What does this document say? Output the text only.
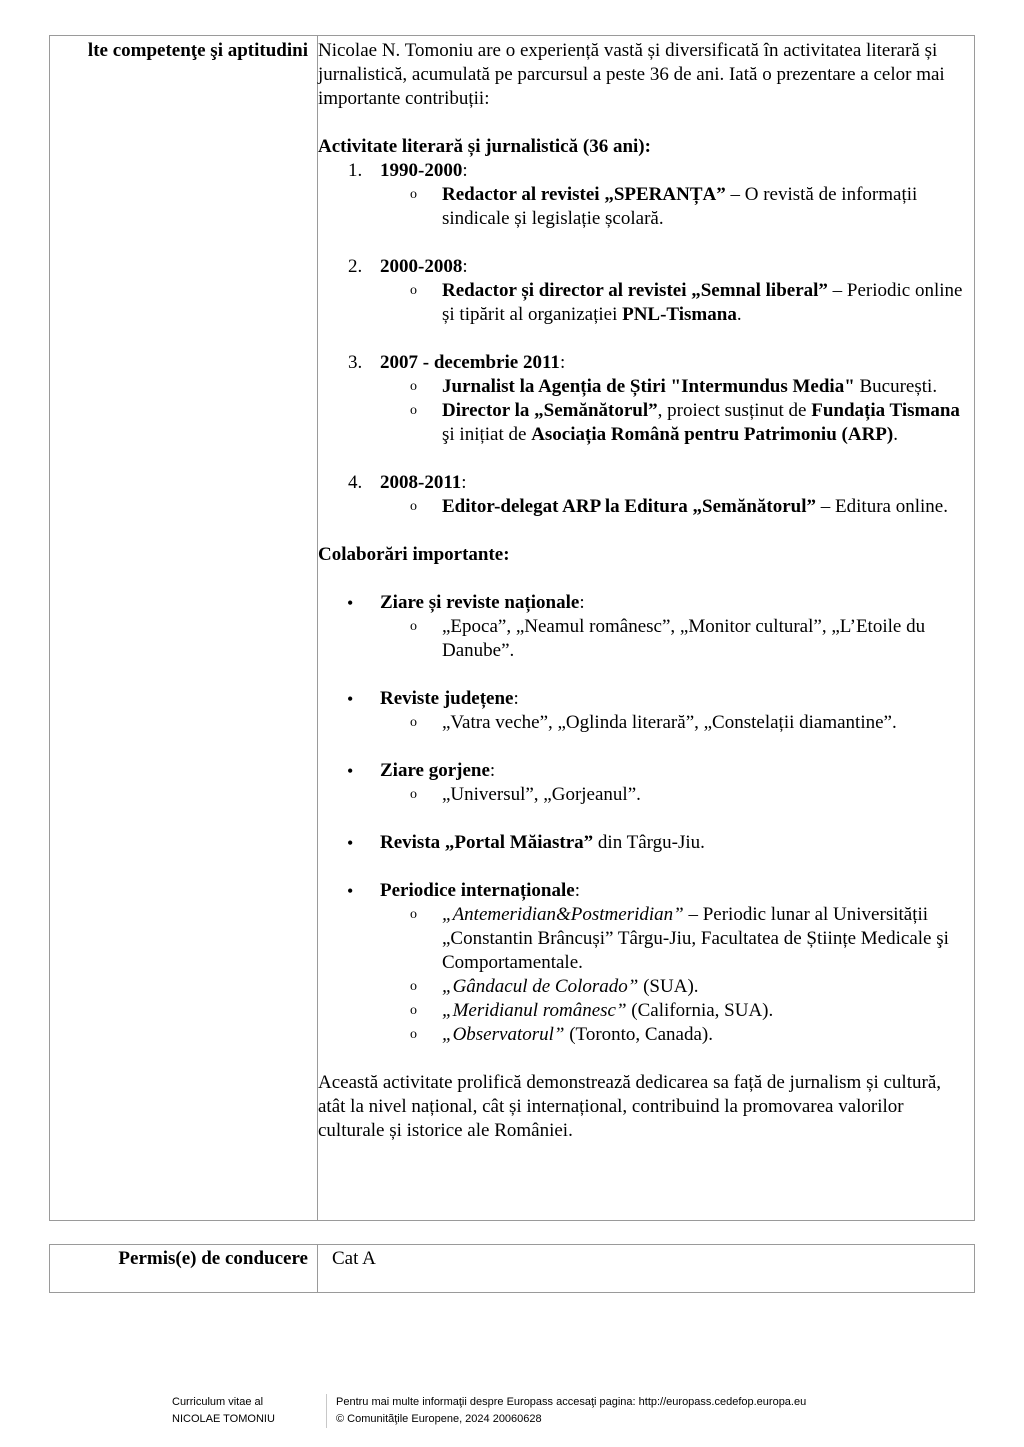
lte competenţe şi aptitudini Nicolae N. Tomoniu are o experiență vastă și diversificată în activitatea literară și jurnalistică, acumulată pe parcursul a peste 36 de ani. Iată o prezentare a celor mai importante contribuții:

Activitate literară și jurnalistică (36 ani):

1. 1990-2000:
o Redactor al revistei „SPERANȚA” – O revistă de informații sindicale și legislație școlară.
2. 2000-2008:
o Redactor și director al revistei „Semnal liberal” – Periodic online și tipărit al organizației PNL-Tismana.
3. 2007 - decembrie 2011:
o Jurnalist la Agenția de Știri "Intermundus Media" București.
o Director la „Semănătorul”, proiect susținut de Fundația Tismana şi inițiat de Asociația Română pentru Patrimoniu (ARP).
4. 2008-2011:
o Editor-delegat ARP la Editura „Semănătorul” – Editura online.

Colaborări importante:

• Ziare și reviste naționale:
o „Epoca”, „Neamul românesc”, „Monitor cultural”, „L’Etoile du Danube”.
• Reviste județene:
o „Vatra veche”, „Oglinda literară”, „Constelații diamantine”.
• Ziare gorjene:
o „Universul”, „Gorjeanul”.
• Revista „Portal Măiastra” din Târgu-Jiu.
• Periodice internaționale:
o „Antemeridian&Postmeridian” – Periodic lunar al Universității „Constantin Brâncuși” Târgu-Jiu, Facultatea de Științe Medicale şi Comportamentale.
o „Gândacul de Colorado” (SUA).
o „Meridianul românesc” (California, SUA).
o „Observatorul” (Toronto, Canada).

Această activitate prolifică demonstrează dedicarea sa față de jurnalism și cultură, atât la nivel național, cât și internațional, contribuind la promovarea valorilor culturale și istorice ale României.

Permis(e) de conducere Cat A
Curriculum vitae al
NICOLAE TOMONIU
Pentru mai multe informaţii despre Europass accesaţi pagina: http://europass.cedefop.europa.eu
© Comunitãţile Europene, 2024 20060628
